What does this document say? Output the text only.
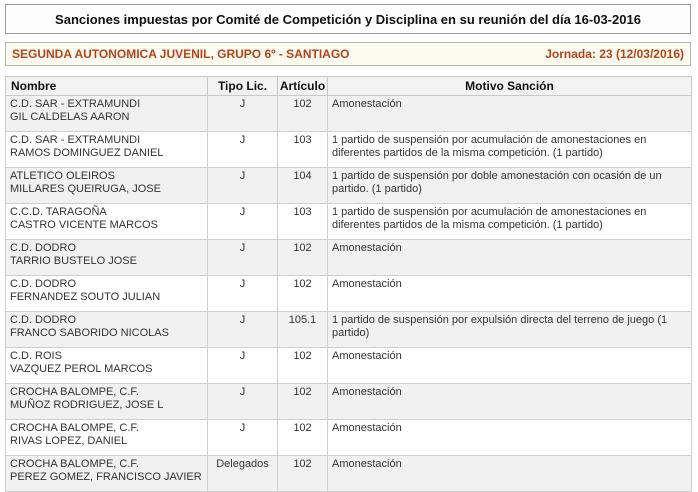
Sanciones impuestas por Comité de Competición y Disciplina en su reunión del día 16-03-2016
SEGUNDA AUTONOMICA JUVENIL, GRUPO 6º - SANTIAGO	Jornada: 23 (12/03/2016)
Nombre	Tipo Lic.	Artículo	Motivo Sanción

C.D. SAR - EXTRAMUNDI
GIL CALDELAS AARON	J	102	Amonestación

C.D. SAR - EXTRAMUNDI
RAMOS DOMINGUEZ DANIEL	J	103	1 partido de suspensión por acumulación de amonestaciones en diferentes partidos de la misma competición. (1 partido)

ATLETICO OLEIROS
MILLARES QUEIRUGA, JOSE	J	104	1 partido de suspensión por doble amonestación con ocasión de un partido. (1 partido)

C.C.D. TARAGOÑA
CASTRO VICENTE MARCOS	J	103	1 partido de suspensión por acumulación de amonestaciones en diferentes partidos de la misma competición. (1 partido)

C.D. DODRO
TARRIO BUSTELO JOSE	J	102	Amonestación

C.D. DODRO
FERNANDEZ SOUTO JULIAN	J	102	Amonestación

C.D. DODRO
FRANCO SABORIDO NICOLAS	J	105.1	1 partido de suspensión por expulsión directa del terreno de juego (1 partido)

C.D. ROIS
VAZQUEZ PEROL MARCOS	J	102	Amonestación

CROCHA BALOMPE, C.F.
MUÑOZ RODRIGUEZ, JOSE L	J	102	Amonestación

CROCHA BALOMPE, C.F.
RIVAS LOPEZ, DANIEL	J	102	Amonestación

CROCHA BALOMPE, C.F.
PEREZ GOMEZ, FRANCISCO JAVIER	Delegados	102	Amonestación
